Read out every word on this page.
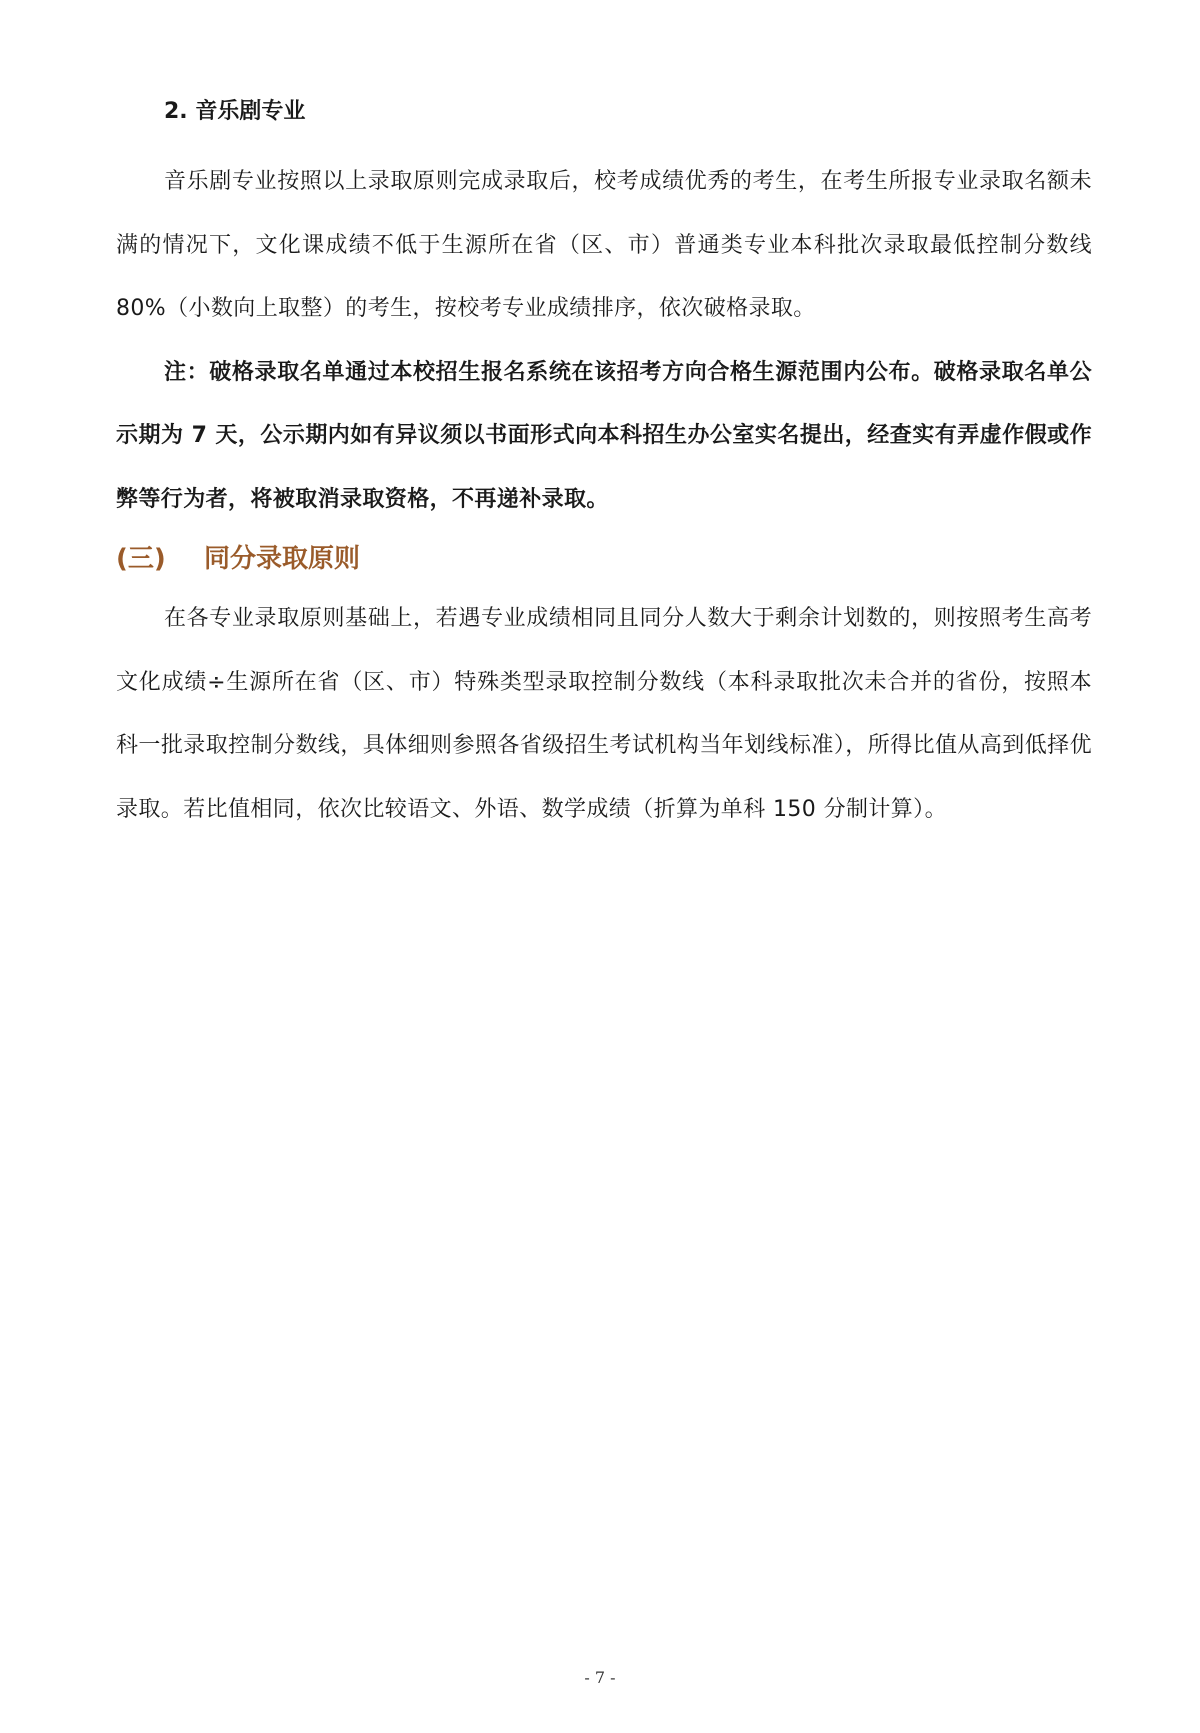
2. 音乐剧专业

音乐剧专业按照以上录取原则完成录取后，校考成绩优秀的考生，在考生所报专业录取名额未满的情况下，文化课成绩不低于生源所在省（区、市）普通类专业本科批次录取最低控制分数线 80%（小数向上取整）的考生，按校考专业成绩排序，依次破格录取。

注：破格录取名单通过本校招生报名系统在该招考方向合格生源范围内公布。破格录取名单公示期为 7 天，公示期内如有异议须以书面形式向本科招生办公室实名提出，经查实有弄虚作假或作弊等行为者，将被取消录取资格，不再递补录取。

(三)	同分录取原则

在各专业录取原则基础上，若遇专业成绩相同且同分人数大于剩余计划数的，则按照考生高考文化成绩÷生源所在省（区、市）特殊类型录取控制分数线（本科录取批次未合并的省份，按照本科一批录取控制分数线，具体细则参照各省级招生考试机构当年划线标准），所得比值从高到低择优录取。若比值相同，依次比较语文、外语、数学成绩（折算为单科 150 分制计算）。

- 7 -
